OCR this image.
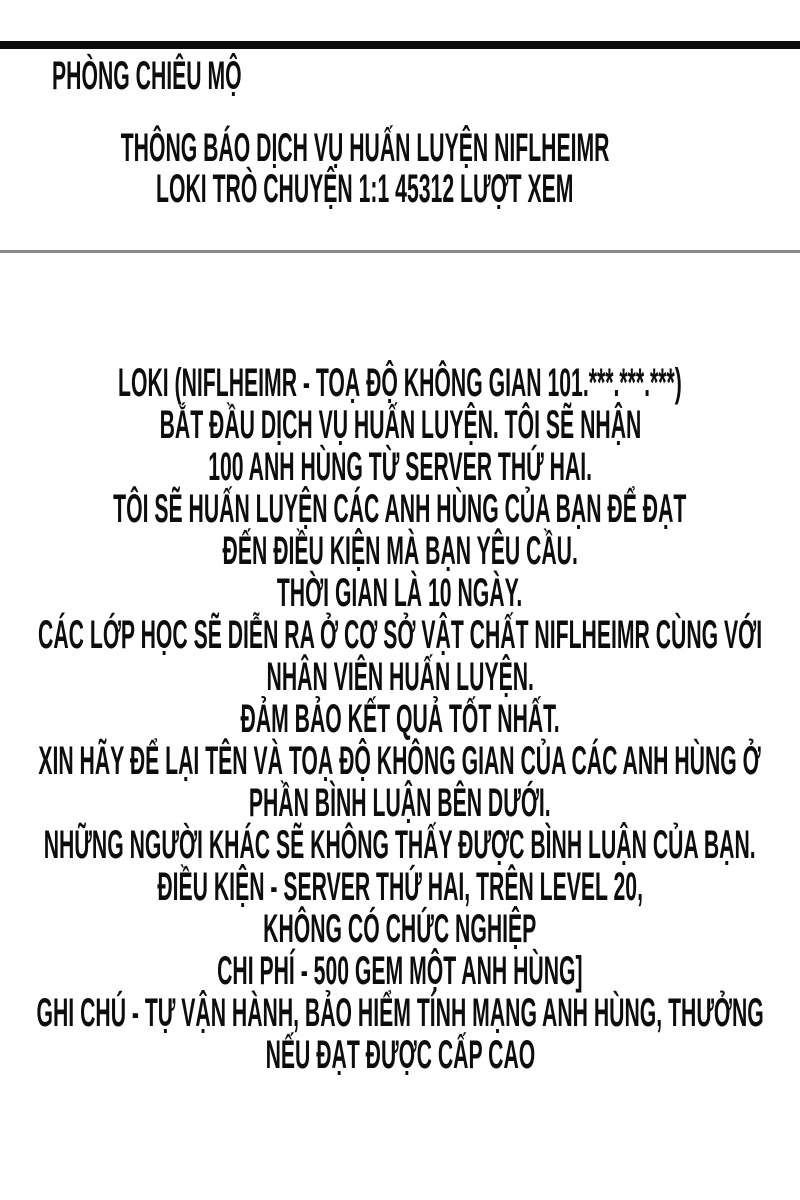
PHÒNG CHIÊU MỘ
THÔNG BÁO DỊCH VỤ HUẤN LUYỆN NIFLHEIMR
LOKI TRÒ CHUYỆN 1:1 45312 LƯỢT XEM
LOKI (NIFLHEIMR - TOẠ ĐỘ KHÔNG GIAN 101.***.***.***)
BẮT ĐẦU DỊCH VỤ HUẤN LUYỆN. TÔI SẼ NHẬN
100 ANH HÙNG TỪ SERVER THỨ HAI.
TÔI SẼ HUẤN LUYỆN CÁC ANH HÙNG CỦA BẠN ĐỂ ĐẠT
ĐẾN ĐIỀU KIỆN MÀ BẠN YÊU CẦU.
THỜI GIAN LÀ 10 NGÀY.
CÁC LỚP HỌC SẼ DIỄN RA Ở CƠ SỞ VẬT CHẤT NIFLHEIMR CÙNG VỚI
NHÂN VIÊN HUẤN LUYỆN.
ĐẢM BẢO KẾT QUẢ TỐT NHẤT.
XIN HÃY ĐỂ LẠI TÊN VÀ TOẠ ĐỘ KHÔNG GIAN CỦA CÁC ANH HÙNG Ở
PHẦN BÌNH LUẬN BÊN DƯỚI.
NHỮNG NGƯỜI KHÁC SẼ KHÔNG THẤY ĐƯỢC BÌNH LUẬN CỦA BẠN.
ĐIỀU KIỆN - SERVER THỨ HAI, TRÊN LEVEL 20,
KHÔNG CÓ CHỨC NGHIỆP
CHI PHÍ - 500 GEM MỘT ANH HÙNG]
GHI CHÚ - TỰ VẬN HÀNH, BẢO HIỂM TÍNH MẠNG ANH HÙNG, THƯỞNG
NẾU ĐẠT ĐƯỢC CẤP CAO
